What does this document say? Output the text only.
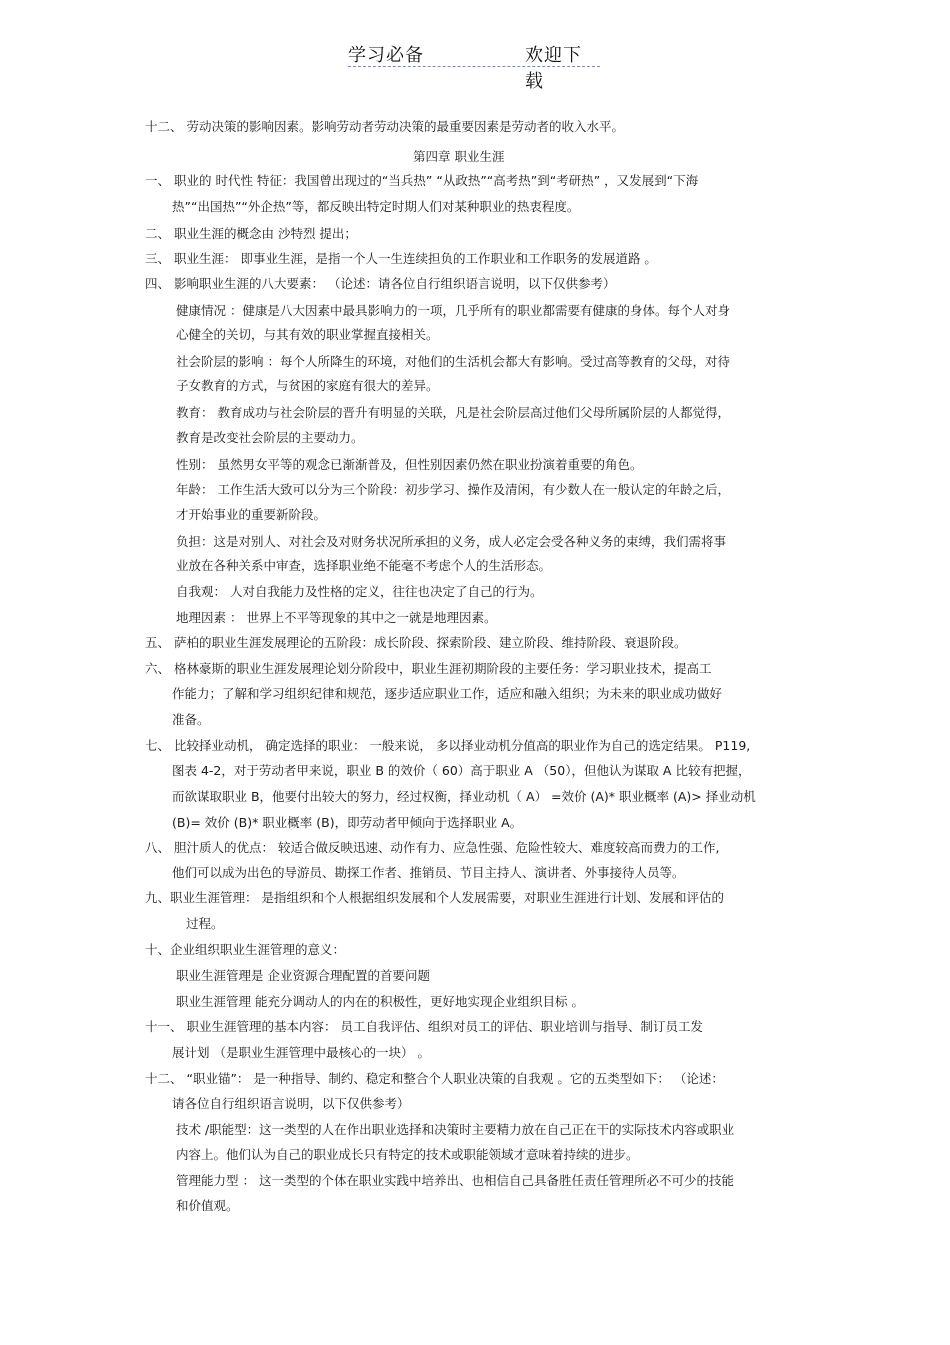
学习必备	欢迎下载
十二、 劳动决策的影响因素。影响劳动者劳动决策的最重要因素是劳动者的收入水平。
第四章 职业生涯
一、 职业的 时代性 特征：我国曾出现过的“当兵热” “从政热”“高考热”到“考研热” ，又发展到“下海
热”“出国热”“外企热”等，都反映出特定时期人们对某种职业的热衷程度。
二、 职业生涯的概念由 沙特烈 提出；
三、 职业生涯： 即事业生涯，是指一个人一生连续担负的工作职业和工作职务的发展道路 。
四、 影响职业生涯的八大要素： （论述：请各位自行组织语言说明，以下仅供参考）
健康情况 ：健康是八大因素中最具影响力的一项，几乎所有的职业都需要有健康的身体。每个人对身
心健全的关切，与其有效的职业掌握直接相关。
社会阶层的影响 ：每个人所降生的环境，对他们的生活机会都大有影响。受过高等教育的父母，对待
子女教育的方式，与贫困的家庭有很大的差异。
教育： 教育成功与社会阶层的晋升有明显的关联，凡是社会阶层高过他们父母所属阶层的人都觉得，
教育是改变社会阶层的主要动力。
性别： 虽然男女平等的观念已渐渐普及，但性别因素仍然在职业扮演着重要的角色。
年龄： 工作生活大致可以分为三个阶段：初步学习、操作及清闲，有少数人在一般认定的年龄之后，
才开始事业的重要新阶段。
负担：这是对别人、对社会及对财务状况所承担的义务，成人必定会受各种义务的束缚，我们需将事
业放在各种关系中审查，选择职业绝不能毫不考虑个人的生活形态。
自我观： 人对自我能力及性格的定义，往往也决定了自己的行为。
地理因素 ： 世界上不平等现象的其中之一就是地理因素。
五、 萨柏的职业生涯发展理论的五阶段：成长阶段、探索阶段、建立阶段、维持阶段、衰退阶段。
六、 格林豪斯的职业生涯发展理论划分阶段中，职业生涯初期阶段的主要任务：学习职业技术，提高工
作能力；了解和学习组织纪律和规范，逐步适应职业工作，适应和融入组织；为未来的职业成功做好
准备。
七、 比较择业动机， 确定选择的职业： 一般来说， 多以择业动机分值高的职业作为自己的选定结果。 P119,
图表 4-2，对于劳动者甲来说，职业 B 的效价（ 60）高于职业 A （50），但他认为谋取 A 比较有把握，
而欲谋取职业 B，他要付出较大的努力，经过权衡，择业动机（ A） =效价 (A)* 职业概率 (A)> 择业动机
(B)= 效价 (B)* 职业概率 (B)，即劳动者甲倾向于选择职业 A。
八、 胆汁质人的优点： 较适合做反映迅速、动作有力、应急性强、危险性较大、难度较高而费力的工作,
他们可以成为出色的导游员、勘探工作者、推销员、节目主持人、演讲者、外事接待人员等。
九、职业生涯管理： 是指组织和个人根据组织发展和个人发展需要，对职业生涯进行计划、发展和评估的
过程。
十、企业组织职业生涯管理的意义：
职业生涯管理是 企业资源合理配置的首要问题
职业生涯管理 能充分调动人的内在的积极性，更好地实现企业组织目标 。
十一、 职业生涯管理的基本内容： 员工自我评估、组织对员工的评估、职业培训与指导、制订员工发
展计划 （是职业生涯管理中最核心的一块） 。
十二、 “职业锚”： 是一种指导、制约、稳定和整合个人职业决策的自我观 。它的五类型如下： （论述：
请各位自行组织语言说明，以下仅供参考）
技术 /职能型：这一类型的人在作出职业选择和决策时主要精力放在自己正在干的实际技术内容或职业
内容上。他们认为自己的职业成长只有特定的技术或职能领域才意味着持续的进步。
管理能力型 ： 这一类型的个体在职业实践中培养出、也相信自己具备胜任责任管理所必不可少的技能
和价值观。
